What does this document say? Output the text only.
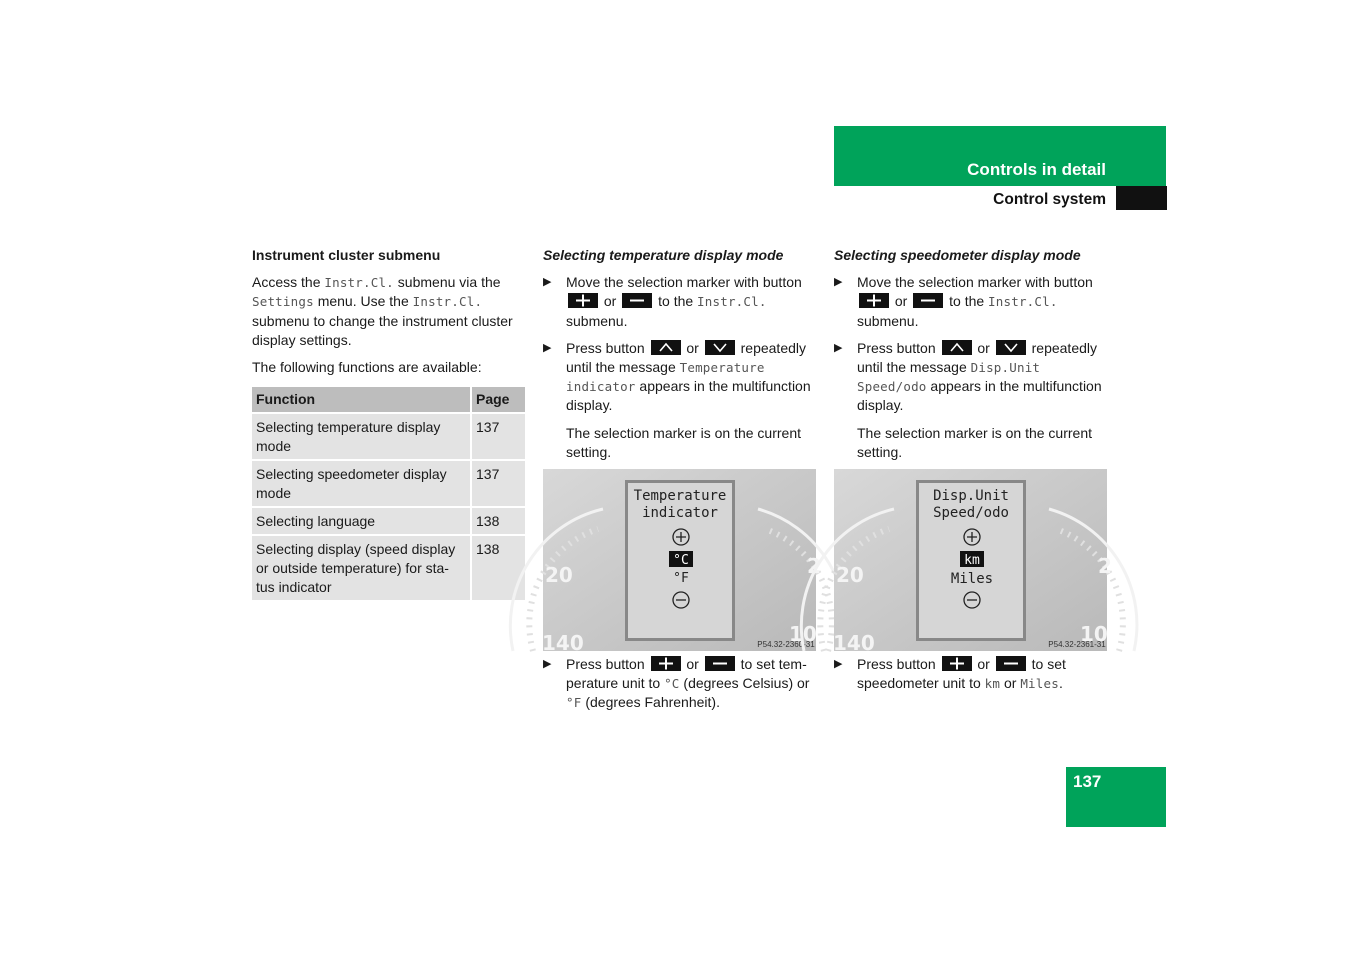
Controls in detail
Control system
Instrument cluster submenu

Access the Instr.Cl. submenu via the Settings menu. Use the Instr.Cl. submenu to change the instrument cluster display settings.

The following functions are available:

Function	Page
Selecting temperature display mode	137
Selecting speedometer display mode	137
Selecting language	138
Selecting display (speed display or outside temperature) for sta-tus indicator	138
Selecting temperature display mode
▶ Move the selection marker with button
or
to the Instr.Cl. submenu.
▶ Press button
or
repeatedly until the message Temperature indicator appears in the multifunction display.
The selection marker is on the current setting.
Selecting speedometer display mode
▶ Move the selection marker with button
or
to the Instr.Cl. submenu.
▶ Press button
or
repeatedly until the message Disp.Unit Speed/odo appears in the multifunction display.
The selection marker is on the current setting.
20
140
2
10
Temperature
indicator
°C
°F
P54.32-2360-31
20
140
2
10
Disp.Unit
Speed/odo
km
Miles
P54.32-2361-31
▶ Press button
or
to set tem-perature unit to °C (degrees Celsius) or °F (degrees Fahrenheit).
▶ Press button
or
to set speedometer unit to km or Miles.
137
